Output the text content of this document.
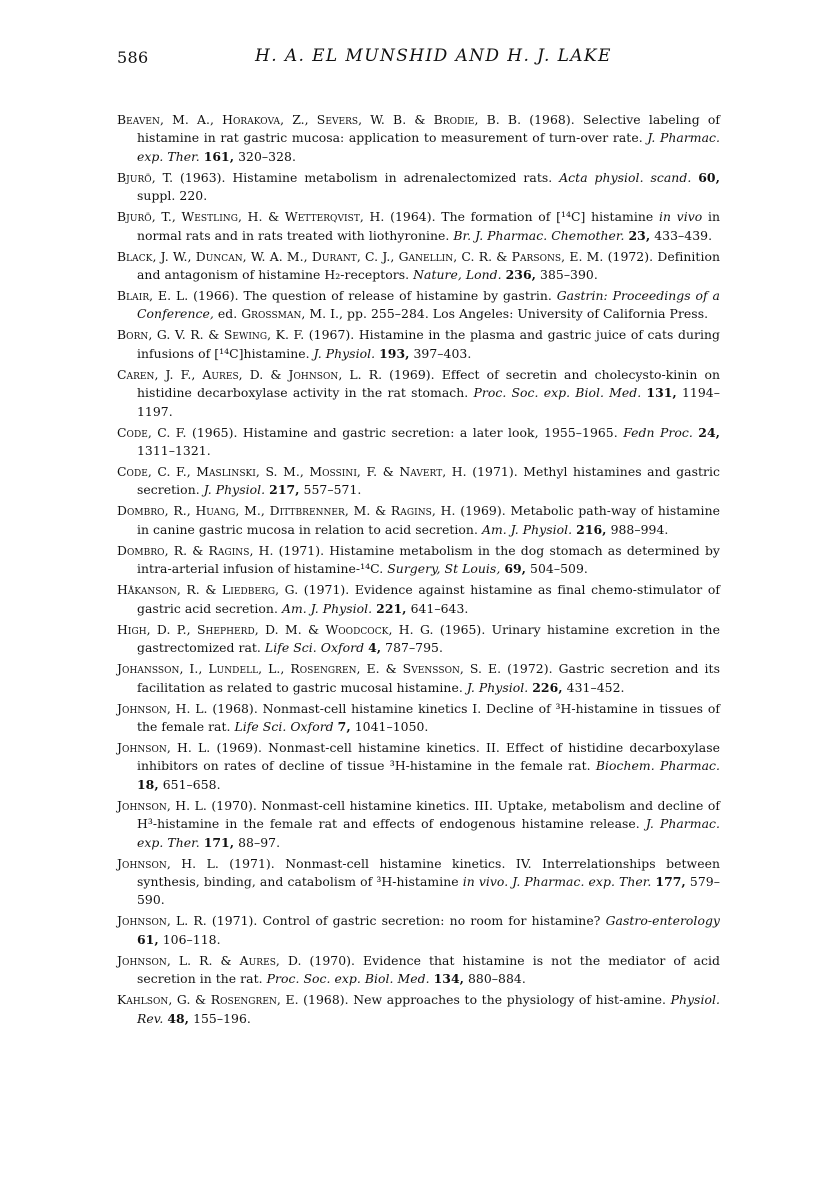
586	H. A. EL MUNSHID AND H. J. LAKE

Beaven, M. A., Horakova, Z., Severs, W. B. & Brodie, B. B. (1968). Selective labeling of histamine in rat gastric mucosa: application to measurement of turn-over rate. J. Pharmac. exp. Ther. 161, 320–328.

Bjurö, T. (1963). Histamine metabolism in adrenalectomized rats. Acta physiol. scand. 60, suppl. 220.

Bjurö, T., Westling, H. & Wetterqvist, H. (1964). The formation of [¹⁴C] histamine in vivo in normal rats and in rats treated with liothyronine. Br. J. Pharmac. Chemother. 23, 433–439.

Black, J. W., Duncan, W. A. M., Durant, C. J., Ganellin, C. R. & Parsons, E. M. (1972). Definition and antagonism of histamine H₂-receptors. Nature, Lond. 236, 385–390.

Blair, E. L. (1966). The question of release of histamine by gastrin. Gastrin: Proceedings of a Conference, ed. Grossman, M. I., pp. 255–284. Los Angeles: University of California Press.

Born, G. V. R. & Sewing, K. F. (1967). Histamine in the plasma and gastric juice of cats during infusions of [¹⁴C]histamine. J. Physiol. 193, 397–403.

Caren, J. F., Aures, D. & Johnson, L. R. (1969). Effect of secretin and cholecysto-kinin on histidine decarboxylase activity in the rat stomach. Proc. Soc. exp. Biol. Med. 131, 1194–1197.

Code, C. F. (1965). Histamine and gastric secretion: a later look, 1955–1965. Fedn Proc. 24, 1311–1321.

Code, C. F., Maslinski, S. M., Mossini, F. & Navert, H. (1971). Methyl histamines and gastric secretion. J. Physiol. 217, 557–571.

Dombro, R., Huang, M., Dittbrenner, M. & Ragins, H. (1969). Metabolic path-way of histamine in canine gastric mucosa in relation to acid secretion. Am. J. Physiol. 216, 988–994.

Dombro, R. & Ragins, H. (1971). Histamine metabolism in the dog stomach as determined by intra-arterial infusion of histamine-¹⁴C. Surgery, St Louis, 69, 504–509.

Håkanson, R. & Liedberg, G. (1971). Evidence against histamine as final chemo-stimulator of gastric acid secretion. Am. J. Physiol. 221, 641–643.

High, D. P., Shepherd, D. M. & Woodcock, H. G. (1965). Urinary histamine excretion in the gastrectomized rat. Life Sci. Oxford 4, 787–795.

Johansson, I., Lundell, L., Rosengren, E. & Svensson, S. E. (1972). Gastric secretion and its facilitation as related to gastric mucosal histamine. J. Physiol. 226, 431–452.

Johnson, H. L. (1968). Nonmast-cell histamine kinetics I. Decline of ³H-histamine in tissues of the female rat. Life Sci. Oxford 7, 1041–1050.

Johnson, H. L. (1969). Nonmast-cell histamine kinetics. II. Effect of histidine decarboxylase inhibitors on rates of decline of tissue ³H-histamine in the female rat. Biochem. Pharmac. 18, 651–658.

Johnson, H. L. (1970). Nonmast-cell histamine kinetics. III. Uptake, metabolism and decline of H³-histamine in the female rat and effects of endogenous histamine release. J. Pharmac. exp. Ther. 171, 88–97.

Johnson, H. L. (1971). Nonmast-cell histamine kinetics. IV. Interrelationships between synthesis, binding, and catabolism of ³H-histamine in vivo. J. Pharmac. exp. Ther. 177, 579–590.

Johnson, L. R. (1971). Control of gastric secretion: no room for histamine? Gastro-enterology 61, 106–118.

Johnson, L. R. & Aures, D. (1970). Evidence that histamine is not the mediator of acid secretion in the rat. Proc. Soc. exp. Biol. Med. 134, 880–884.

Kahlson, G. & Rosengren, E. (1968). New approaches to the physiology of hist-amine. Physiol. Rev. 48, 155–196.
